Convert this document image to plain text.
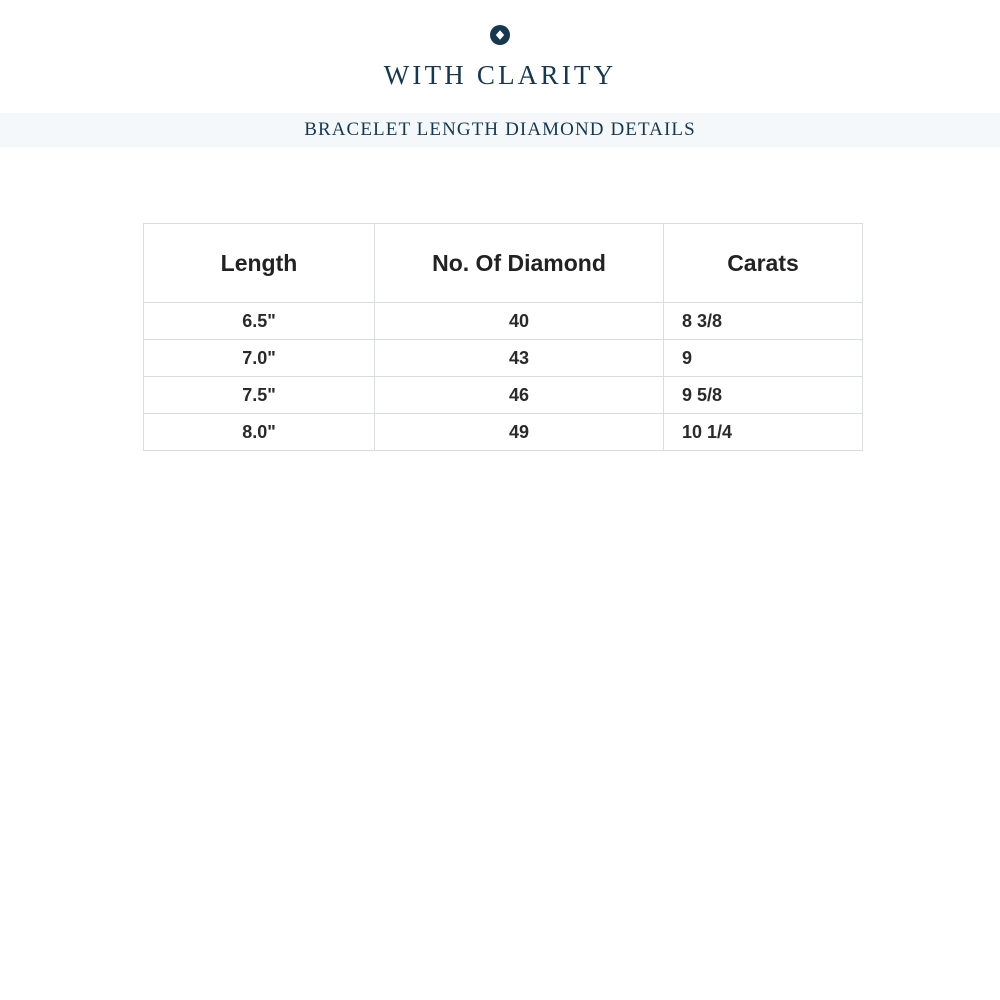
WITH CLARITY
BRACELET LENGTH DIAMOND DETAILS
Length	No. Of Diamond	Carats
6.5"	40	8 3/8
7.0"	43	9
7.5"	46	9 5/8
8.0"	49	10 1/4
